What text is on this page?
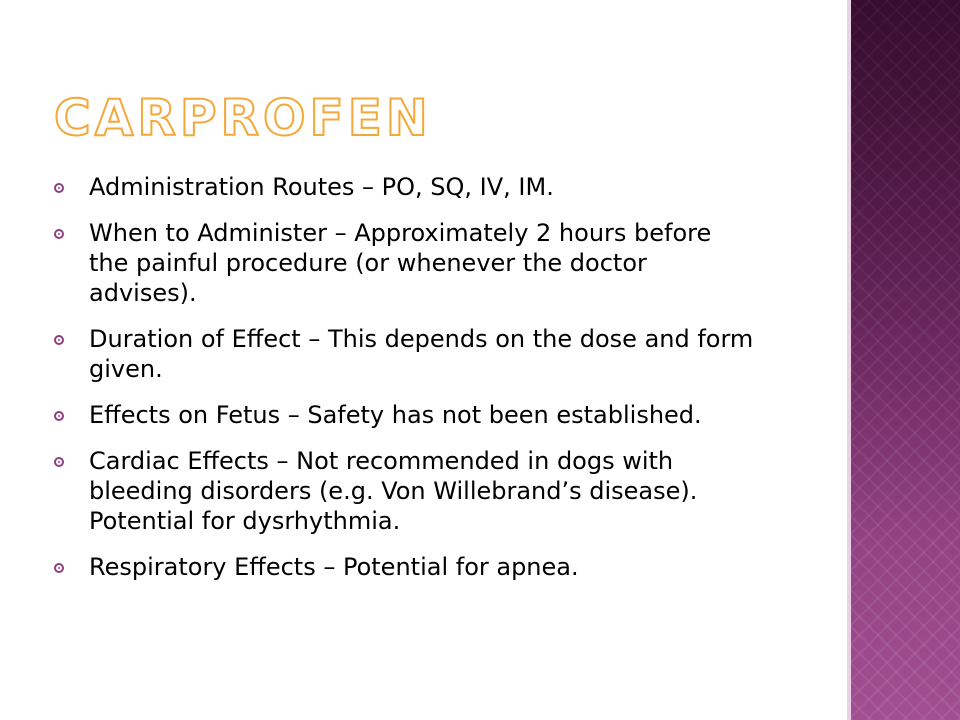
CARPROFEN
Administration Routes – PO, SQ, IV, IM.
When to Administer – Approximately 2 hours before the painful procedure (or whenever the doctor advises).
Duration of Effect – This depends on the dose and form given.
Effects on Fetus – Safety has not been established.
Cardiac Effects – Not recommended in dogs with bleeding disorders (e.g. Von Willebrand’s disease). Potential for dysrhythmia.
Respiratory Effects – Potential for apnea.
